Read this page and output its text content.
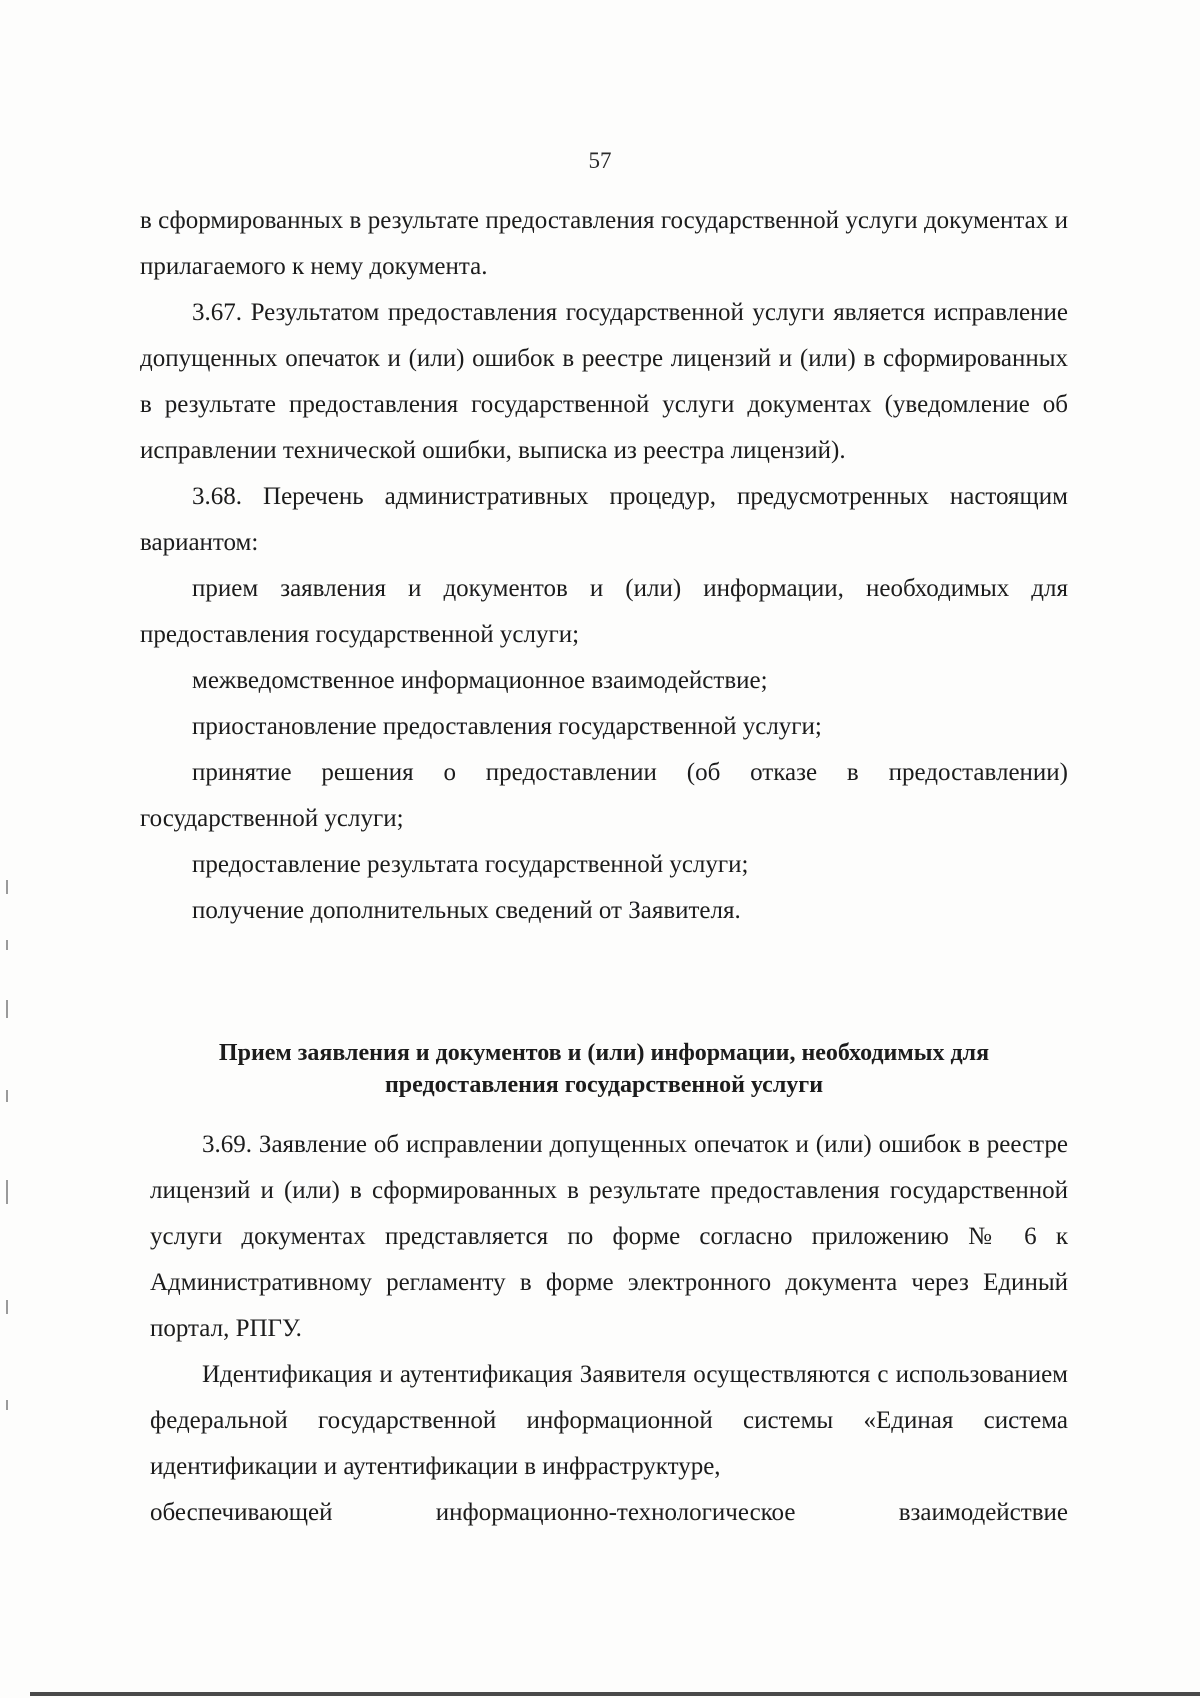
57

в сформированных в результате предоставления государственной услуги документах и прилагаемого к нему документа.

3.67. Результатом предоставления государственной услуги является исправление допущенных опечаток и (или) ошибок в реестре лицензий и (или) в сформированных в результате предоставления государственной услуги документах (уведомление об исправлении технической ошибки, выписка из реестра лицензий).

3.68. Перечень административных процедур, предусмотренных настоящим вариантом:

прием заявления и документов и (или) информации, необходимых для предоставления государственной услуги;

межведомственное информационное взаимодействие;

приостановление предоставления государственной услуги;

принятие решения о предоставлении (об отказе в предоставлении) государственной услуги;

предоставление результата государственной услуги;

получение дополнительных сведений от Заявителя.

Прием заявления и документов и (или) информации, необходимых для
предоставления государственной услуги

3.69. Заявление об исправлении допущенных опечаток и (или) ошибок в реестре лицензий и (или) в сформированных в результате предоставления государственной услуги документах представляется по форме согласно приложению № 6 к Административному регламенту в форме электронного документа через Единый портал, РПГУ.

Идентификация и аутентификация Заявителя осуществляются с использованием федеральной государственной информационной системы «Единая система идентификации и аутентификации в инфраструктуре,

обеспечивающей	информационно-технологическое	взаимодействие
